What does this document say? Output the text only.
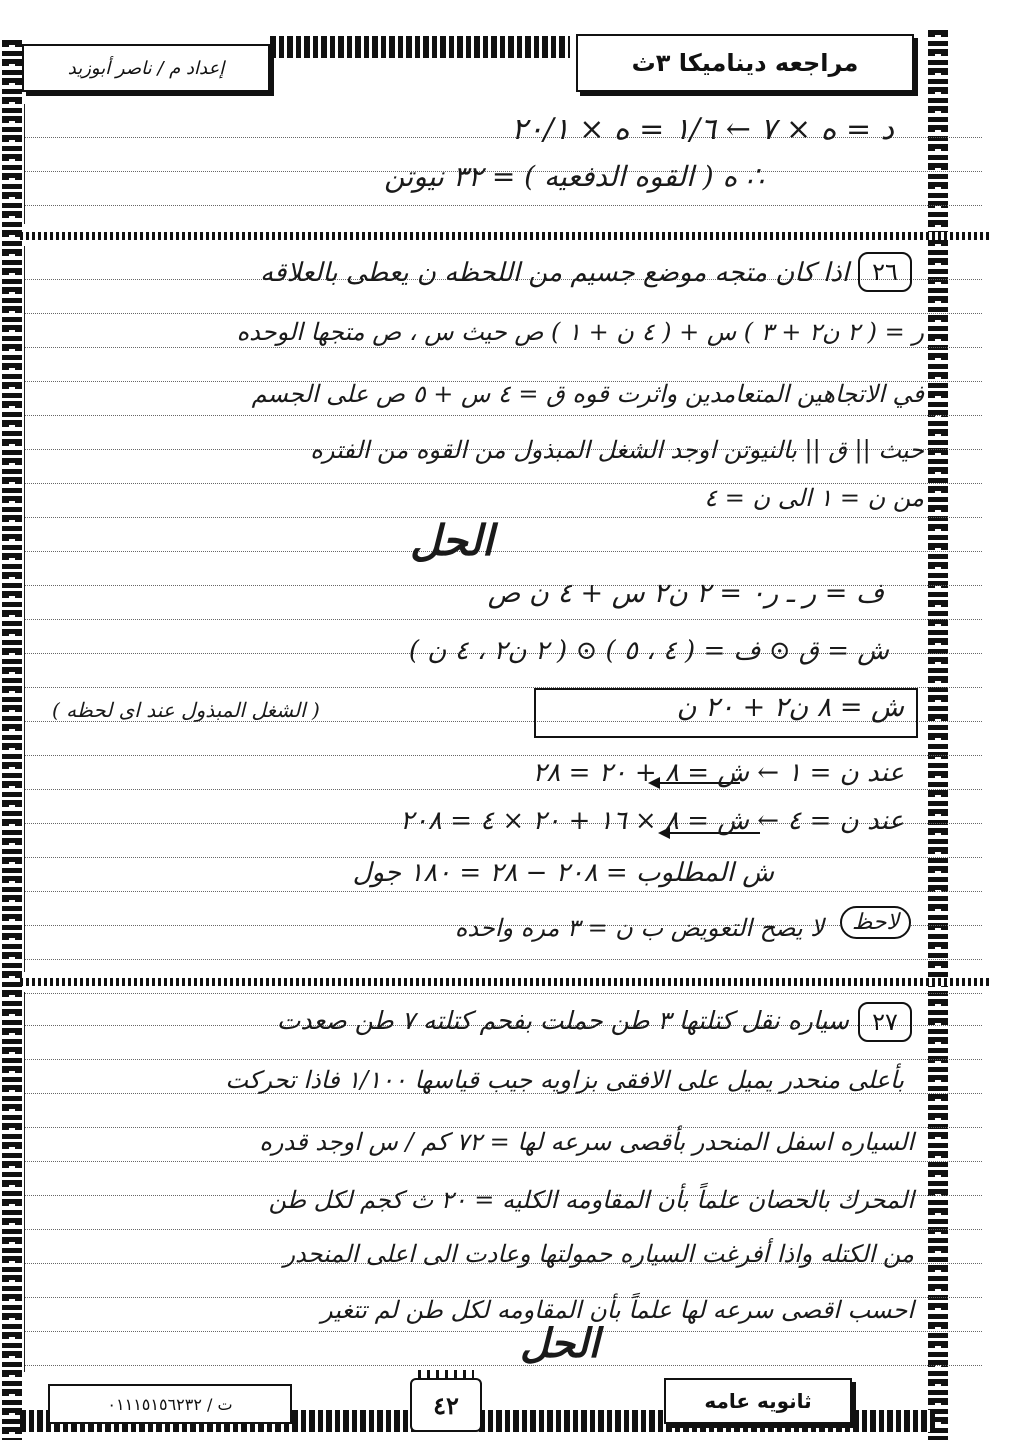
إعداد م / ناصر أبوزيد	مراجعه ديناميكا ٣ث
د = ه × ٧ ← ١/٦ = ه × ٢٠/١
∴ ه ( القوه الدفعيه ) = ٣٢ نيوتن
٢٦
اذا كان متجه موضع جسيم من اللحظه ن يعطى بالعلاقه
ر = ( ٢ ن٢ + ٣ ) س + ( ٤ ن + ١ ) ص حيث س ، ص متجها الوحده
في الاتجاهين المتعامدين واثرت قوه ق = ٤ س + ٥ ص على الجسم
حيث || ق || بالنيوتن اوجد الشغل المبذول من القوه من الفتره
من ن = ١ الى ن = ٤
الحل
ف = ر ـ ر٠ = ٢ ن٢ س + ٤ ن ص
ش = ق ⊙ ف = ( ٤ ، ٥ ) ⊙ ( ٢ ن٢ ، ٤ ن )
ش = ٨ ن٢ + ٢٠ ن
( الشغل المبذول عند اى لحظه )
عند ن = ١ ← ش = ٨ + ٢٠ = ٢٨
عند ن = ٤ ← ش = ٨ × ١٦ + ٢٠ × ٤ = ٢٠٨
ش المطلوب = ٢٠٨ − ٢٨ = ١٨٠ جول
لاحظ
لا يصح التعويض ب ن = ٣ مره واحده
٢٧
سياره نقل كتلتها ٣ طن حملت بفحم كتلته ٧ طن صعدت
بأعلى منحدر يميل على الافقى بزاويه جيب قياسها ١/١٠٠ فاذا تحركت
السياره اسفل المنحدر بأقصى سرعه لها = ٧٢ كم / س اوجد قدره
المحرك بالحصان علماً بأن المقاومه الكليه = ٢٠ ث كجم لكل طن
من الكتله واذا أفرغت السياره حمولتها وعادت الى اعلى المنحدر
احسب اقصى سرعه لها علماً بأن المقاومه لكل طن لم تتغير
الحل
ت / ٠١١١٥١٥٦٢٣٢	٤٢	ثانويه عامه
